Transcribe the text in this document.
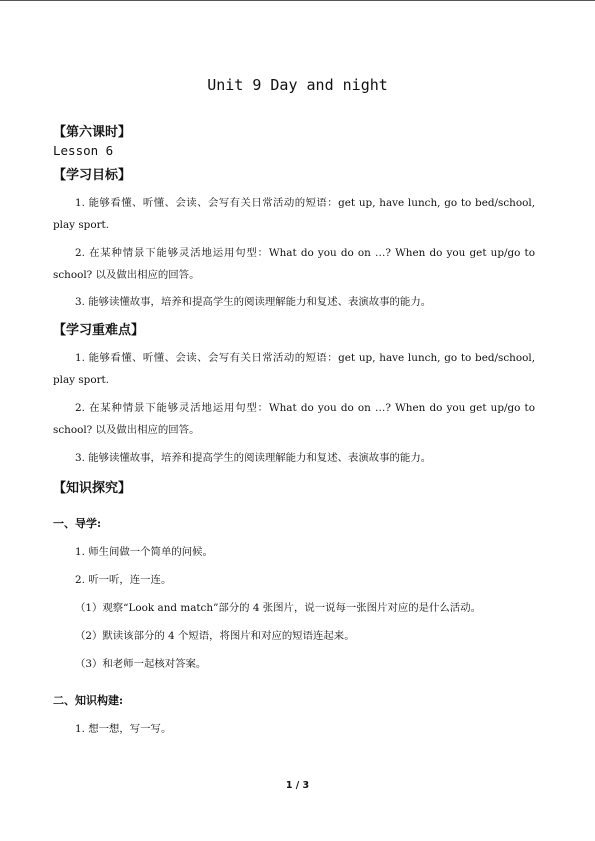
Unit 9 Day and night
【第六课时】
Lesson 6
【学习目标】
1. 能够看懂、听懂、会读、会写有关日常活动的短语：get up, have lunch, go to bed/school, play sport.
2. 在某种情景下能够灵活地运用句型：What do you do on …? When do you get up/go to school? 以及做出相应的回答。
3. 能够读懂故事，培养和提高学生的阅读理解能力和复述、表演故事的能力。
【学习重难点】
1. 能够看懂、听懂、会读、会写有关日常活动的短语：get up, have lunch, go to bed/school, play sport.
2. 在某种情景下能够灵活地运用句型：What do you do on …? When do you get up/go to school? 以及做出相应的回答。
3. 能够读懂故事，培养和提高学生的阅读理解能力和复述、表演故事的能力。
【知识探究】
一、导学:
1. 师生间做一个简单的问候。
2. 听一听，连一连。
（1）观察“Look and match”部分的 4 张图片，说一说每一张图片对应的是什么活动。
（2）默读该部分的 4 个短语，将图片和对应的短语连起来。
（3）和老师一起核对答案。
二、知识构建:
1. 想一想，写一写。
1 / 3
